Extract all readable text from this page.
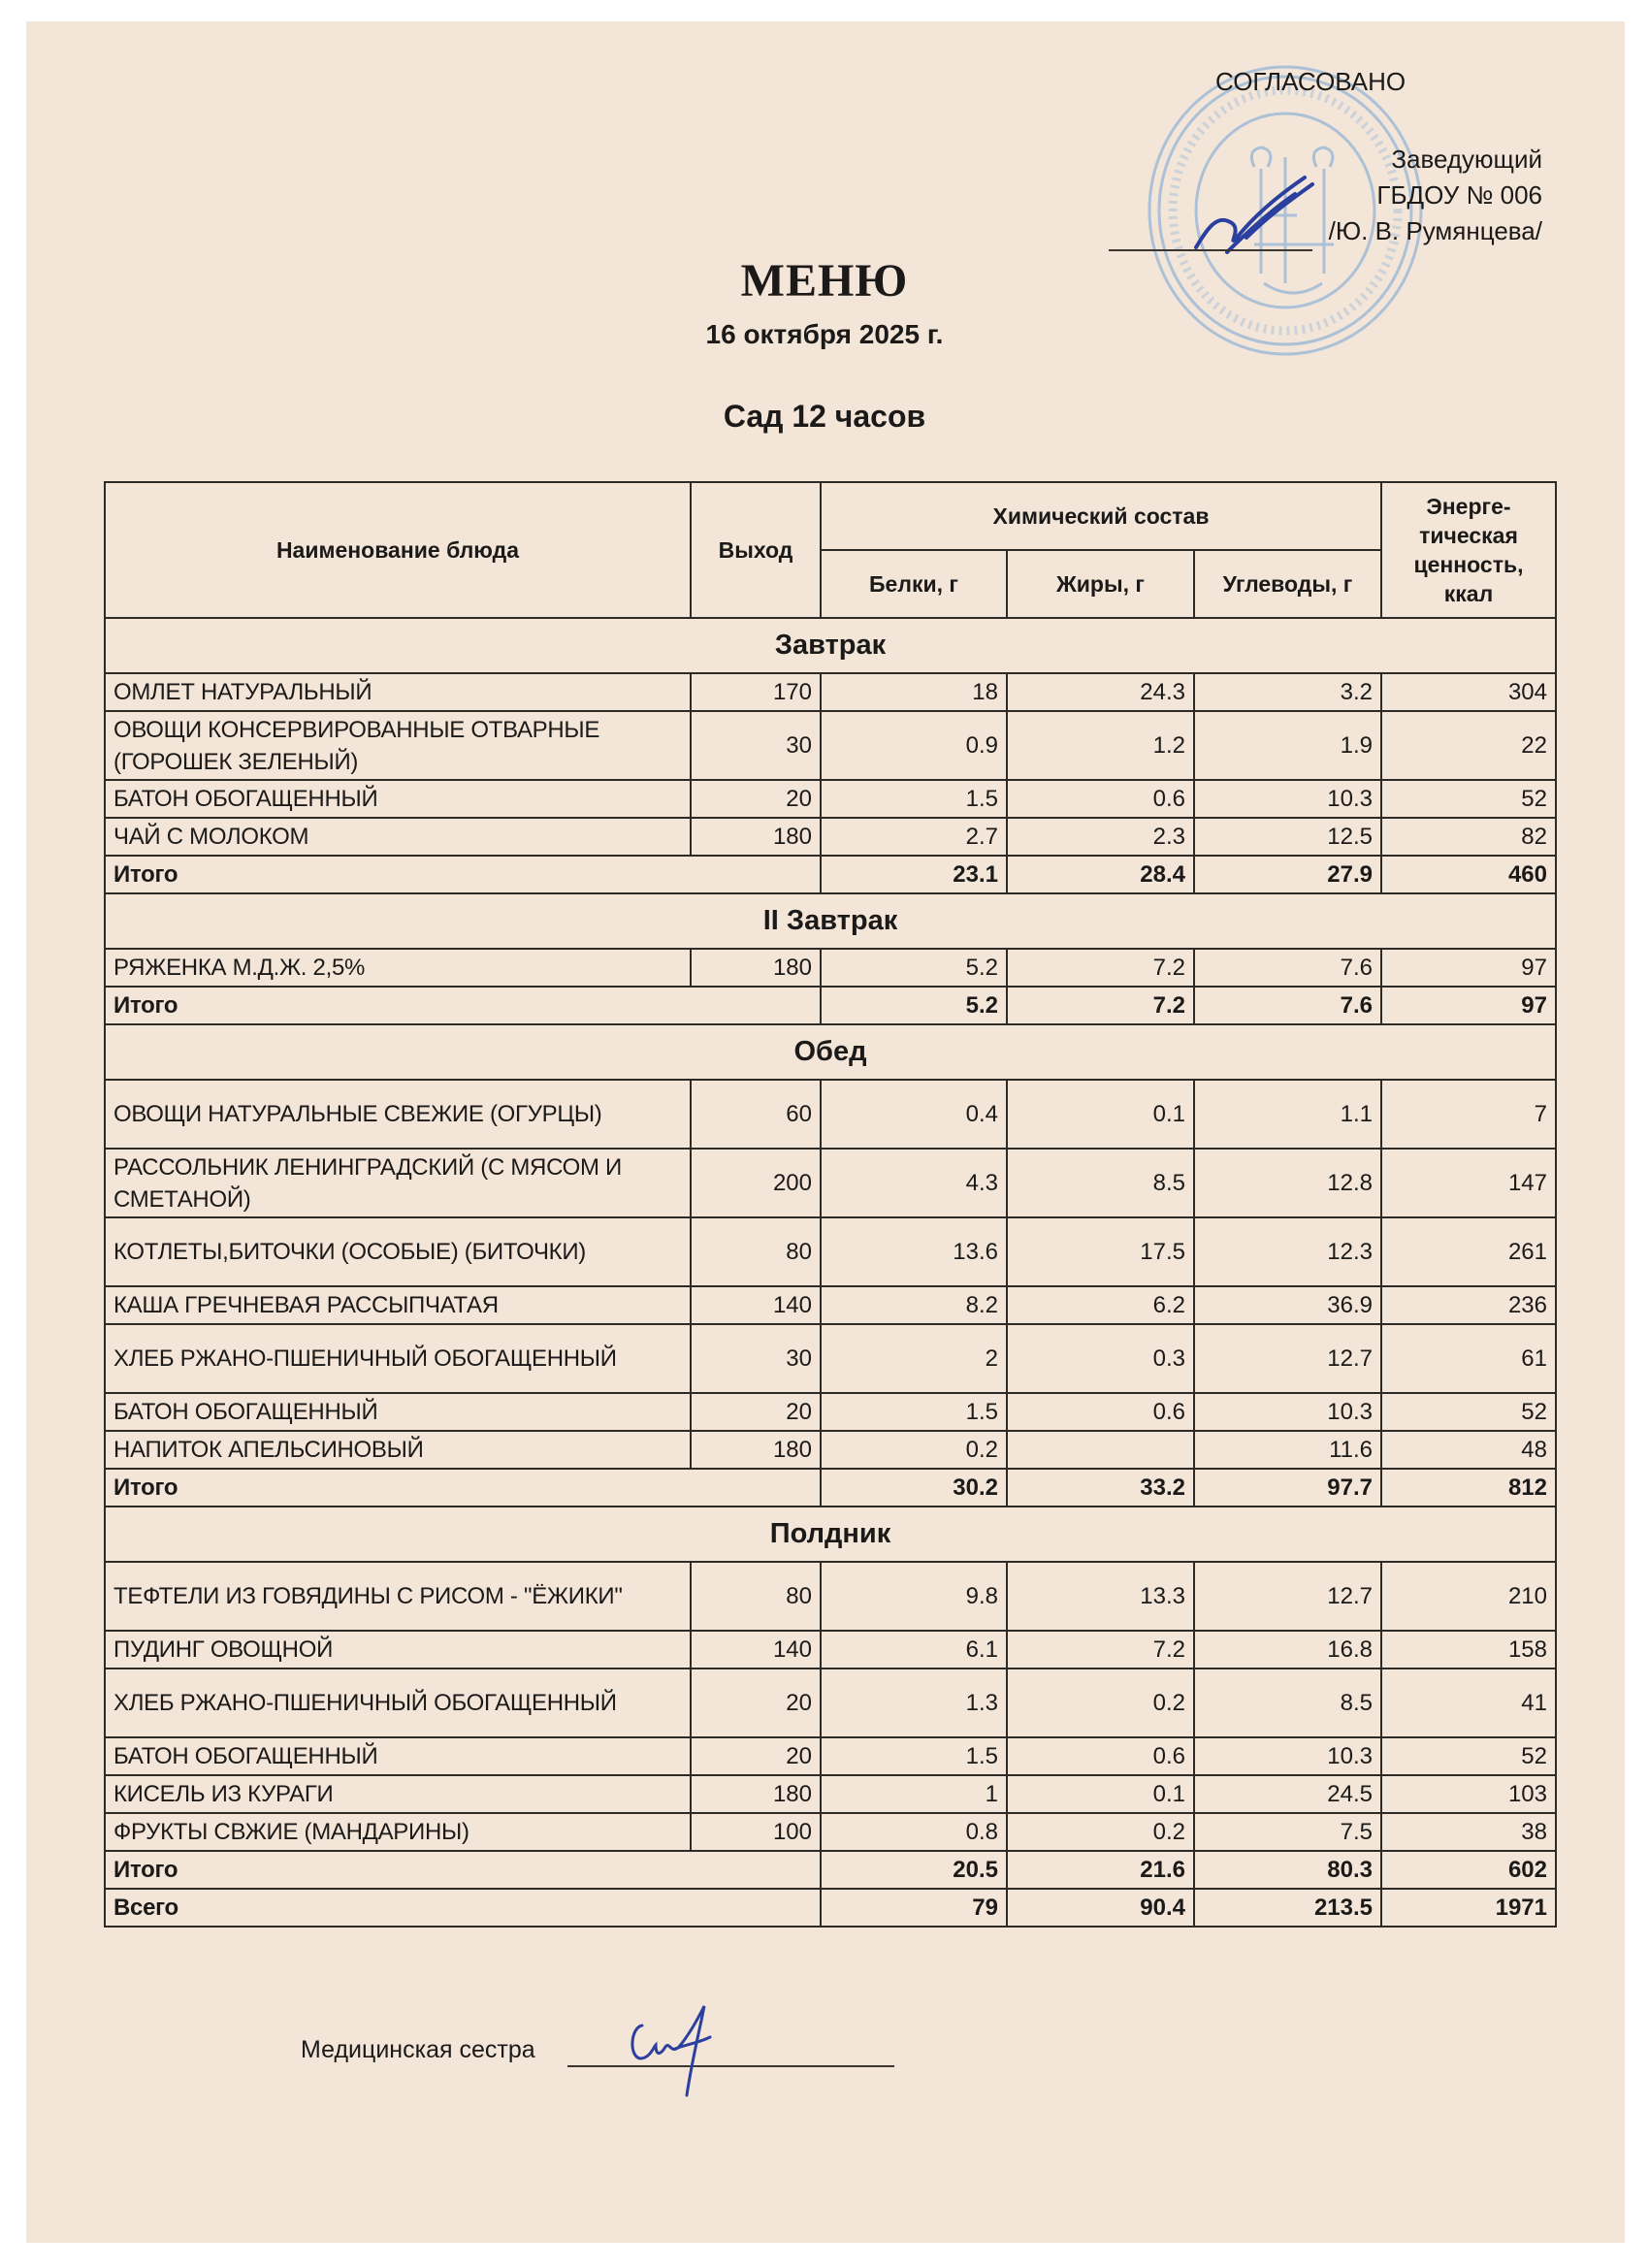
СОГЛАСОВАНО
Заведующий
ГБДОУ № 006
/Ю. В. Румянцева/
МЕНЮ
16 октября 2025 г.
Сад 12 часов
Наименование блюда	Выход	Химический состав			Энерге-
тическая
ценность,
ккал

		Белки, г	Жиры, г	Углеводы, г	
Завтрак					
ОМЛЕТ НАТУРАЛЬНЫЙ	170	18	24.3	3.2	304
ОВОЩИ КОНСЕРВИРОВАННЫЕ ОТВАРНЫЕ (ГОРОШЕК ЗЕЛЕНЫЙ)	30	0.9	1.2	1.9	22
БАТОН ОБОГАЩЕННЫЙ	20	1.5	0.6	10.3	52
ЧАЙ С МОЛОКОМ	180	2.7	2.3	12.5	82
Итого		23.1	28.4	27.9	460
II Завтрак					
РЯЖЕНКА М.Д.Ж. 2,5%	180	5.2	7.2	7.6	97
Итого		5.2	7.2	7.6	97
Обед					
ОВОЩИ НАТУРАЛЬНЫЕ СВЕЖИЕ (ОГУРЦЫ)	60	0.4	0.1	1.1	7
РАССОЛЬНИК ЛЕНИНГРАДСКИЙ (С МЯСОМ И СМЕТАНОЙ)	200	4.3	8.5	12.8	147
КОТЛЕТЫ,БИТОЧКИ (ОСОБЫЕ) (БИТОЧКИ)	80	13.6	17.5	12.3	261
КАША ГРЕЧНЕВАЯ РАССЫПЧАТАЯ	140	8.2	6.2	36.9	236
ХЛЕБ РЖАНО-ПШЕНИЧНЫЙ ОБОГАЩЕННЫЙ	30	2	0.3	12.7	61
БАТОН ОБОГАЩЕННЫЙ	20	1.5	0.6	10.3	52
НАПИТОК АПЕЛЬСИНОВЫЙ	180	0.2		11.6	48
Итого		30.2	33.2	97.7	812
Полдник					
ТЕФТЕЛИ ИЗ ГОВЯДИНЫ С РИСОМ - "ЁЖИКИ"	80	9.8	13.3	12.7	210
ПУДИНГ ОВОЩНОЙ	140	6.1	7.2	16.8	158
ХЛЕБ РЖАНО-ПШЕНИЧНЫЙ ОБОГАЩЕННЫЙ	20	1.3	0.2	8.5	41
БАТОН ОБОГАЩЕННЫЙ	20	1.5	0.6	10.3	52
КИСЕЛЬ ИЗ КУРАГИ	180	1	0.1	24.5	103
ФРУКТЫ СВЖИЕ (МАНДАРИНЫ)	100	0.8	0.2	7.5	38
Итого		20.5	21.6	80.3	602
Всего		79	90.4	213.5	1971
Медицинская сестра
